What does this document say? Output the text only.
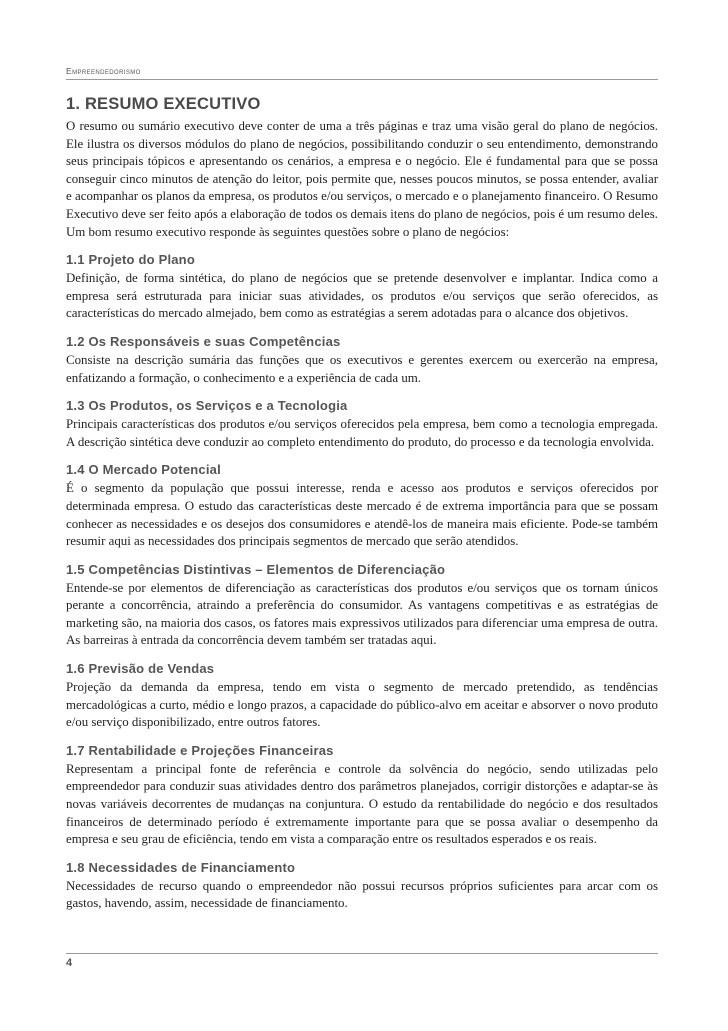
Empreendedorismo
1. RESUMO EXECUTIVO

O resumo ou sumário executivo deve conter de uma a três páginas e traz uma visão geral do plano de negócios. Ele ilustra os diversos módulos do plano de negócios, possibilitando conduzir o seu entendimento, demonstrando seus principais tópicos e apresentando os cenários, a empresa e o negócio. Ele é fundamental para que se possa conseguir cinco minutos de atenção do leitor, pois permite que, nesses poucos minutos, se possa entender, avaliar e acompanhar os planos da empresa, os produtos e/ou serviços, o mercado e o planejamento financeiro. O Resumo Executivo deve ser feito após a elaboração de todos os demais itens do plano de negócios, pois é um resumo deles. Um bom resumo executivo responde às seguintes questões sobre o plano de negócios:

1.1 Projeto do Plano

Definição, de forma sintética, do plano de negócios que se pretende desenvolver e implantar. Indica como a empresa será estruturada para iniciar suas atividades, os produtos e/ou serviços que serão oferecidos, as características do mercado almejado, bem como as estratégias a serem adotadas para o alcance dos objetivos.

1.2 Os Responsáveis e suas Competências

Consiste na descrição sumária das funções que os executivos e gerentes exercem ou exercerão na empresa, enfatizando a formação, o conhecimento e a experiência de cada um.

1.3 Os Produtos, os Serviços e a Tecnologia

Principais características dos produtos e/ou serviços oferecidos pela empresa, bem como a tecnologia empregada. A descrição sintética deve conduzir ao completo entendimento do produto, do processo e da tecnologia envolvida.

1.4 O Mercado Potencial

É o segmento da população que possui interesse, renda e acesso aos produtos e serviços oferecidos por determinada empresa. O estudo das características deste mercado é de extrema importância para que se possam conhecer as necessidades e os desejos dos consumidores e atendê-los de maneira mais eficiente. Pode-se também resumir aqui as necessidades dos principais segmentos de mercado que serão atendidos.

1.5 Competências Distintivas – Elementos de Diferenciação

Entende-se por elementos de diferenciação as características dos produtos e/ou serviços que os tornam únicos perante a concorrência, atraindo a preferência do consumidor. As vantagens competitivas e as estratégias de marketing são, na maioria dos casos, os fatores mais expressivos utilizados para diferenciar uma empresa de outra. As barreiras à entrada da concorrência devem também ser tratadas aqui.

1.6 Previsão de Vendas

Projeção da demanda da empresa, tendo em vista o segmento de mercado pretendido, as tendências mercadológicas a curto, médio e longo prazos, a capacidade do público-alvo em aceitar e absorver o novo produto e/ou serviço disponibilizado, entre outros fatores.

1.7 Rentabilidade e Projeções Financeiras

Representam a principal fonte de referência e controle da solvência do negócio, sendo utilizadas pelo empreendedor para conduzir suas atividades dentro dos parâmetros planejados, corrigir distorções e adaptar-se às novas variáveis decorrentes de mudanças na conjuntura. O estudo da rentabilidade do negócio e dos resultados financeiros de determinado período é extremamente importante para que se possa avaliar o desempenho da empresa e seu grau de eficiência, tendo em vista a comparação entre os resultados esperados e os reais.

1.8 Necessidades de Financiamento

Necessidades de recurso quando o empreendedor não possui recursos próprios suficientes para arcar com os gastos, havendo, assim, necessidade de financiamento.

4
